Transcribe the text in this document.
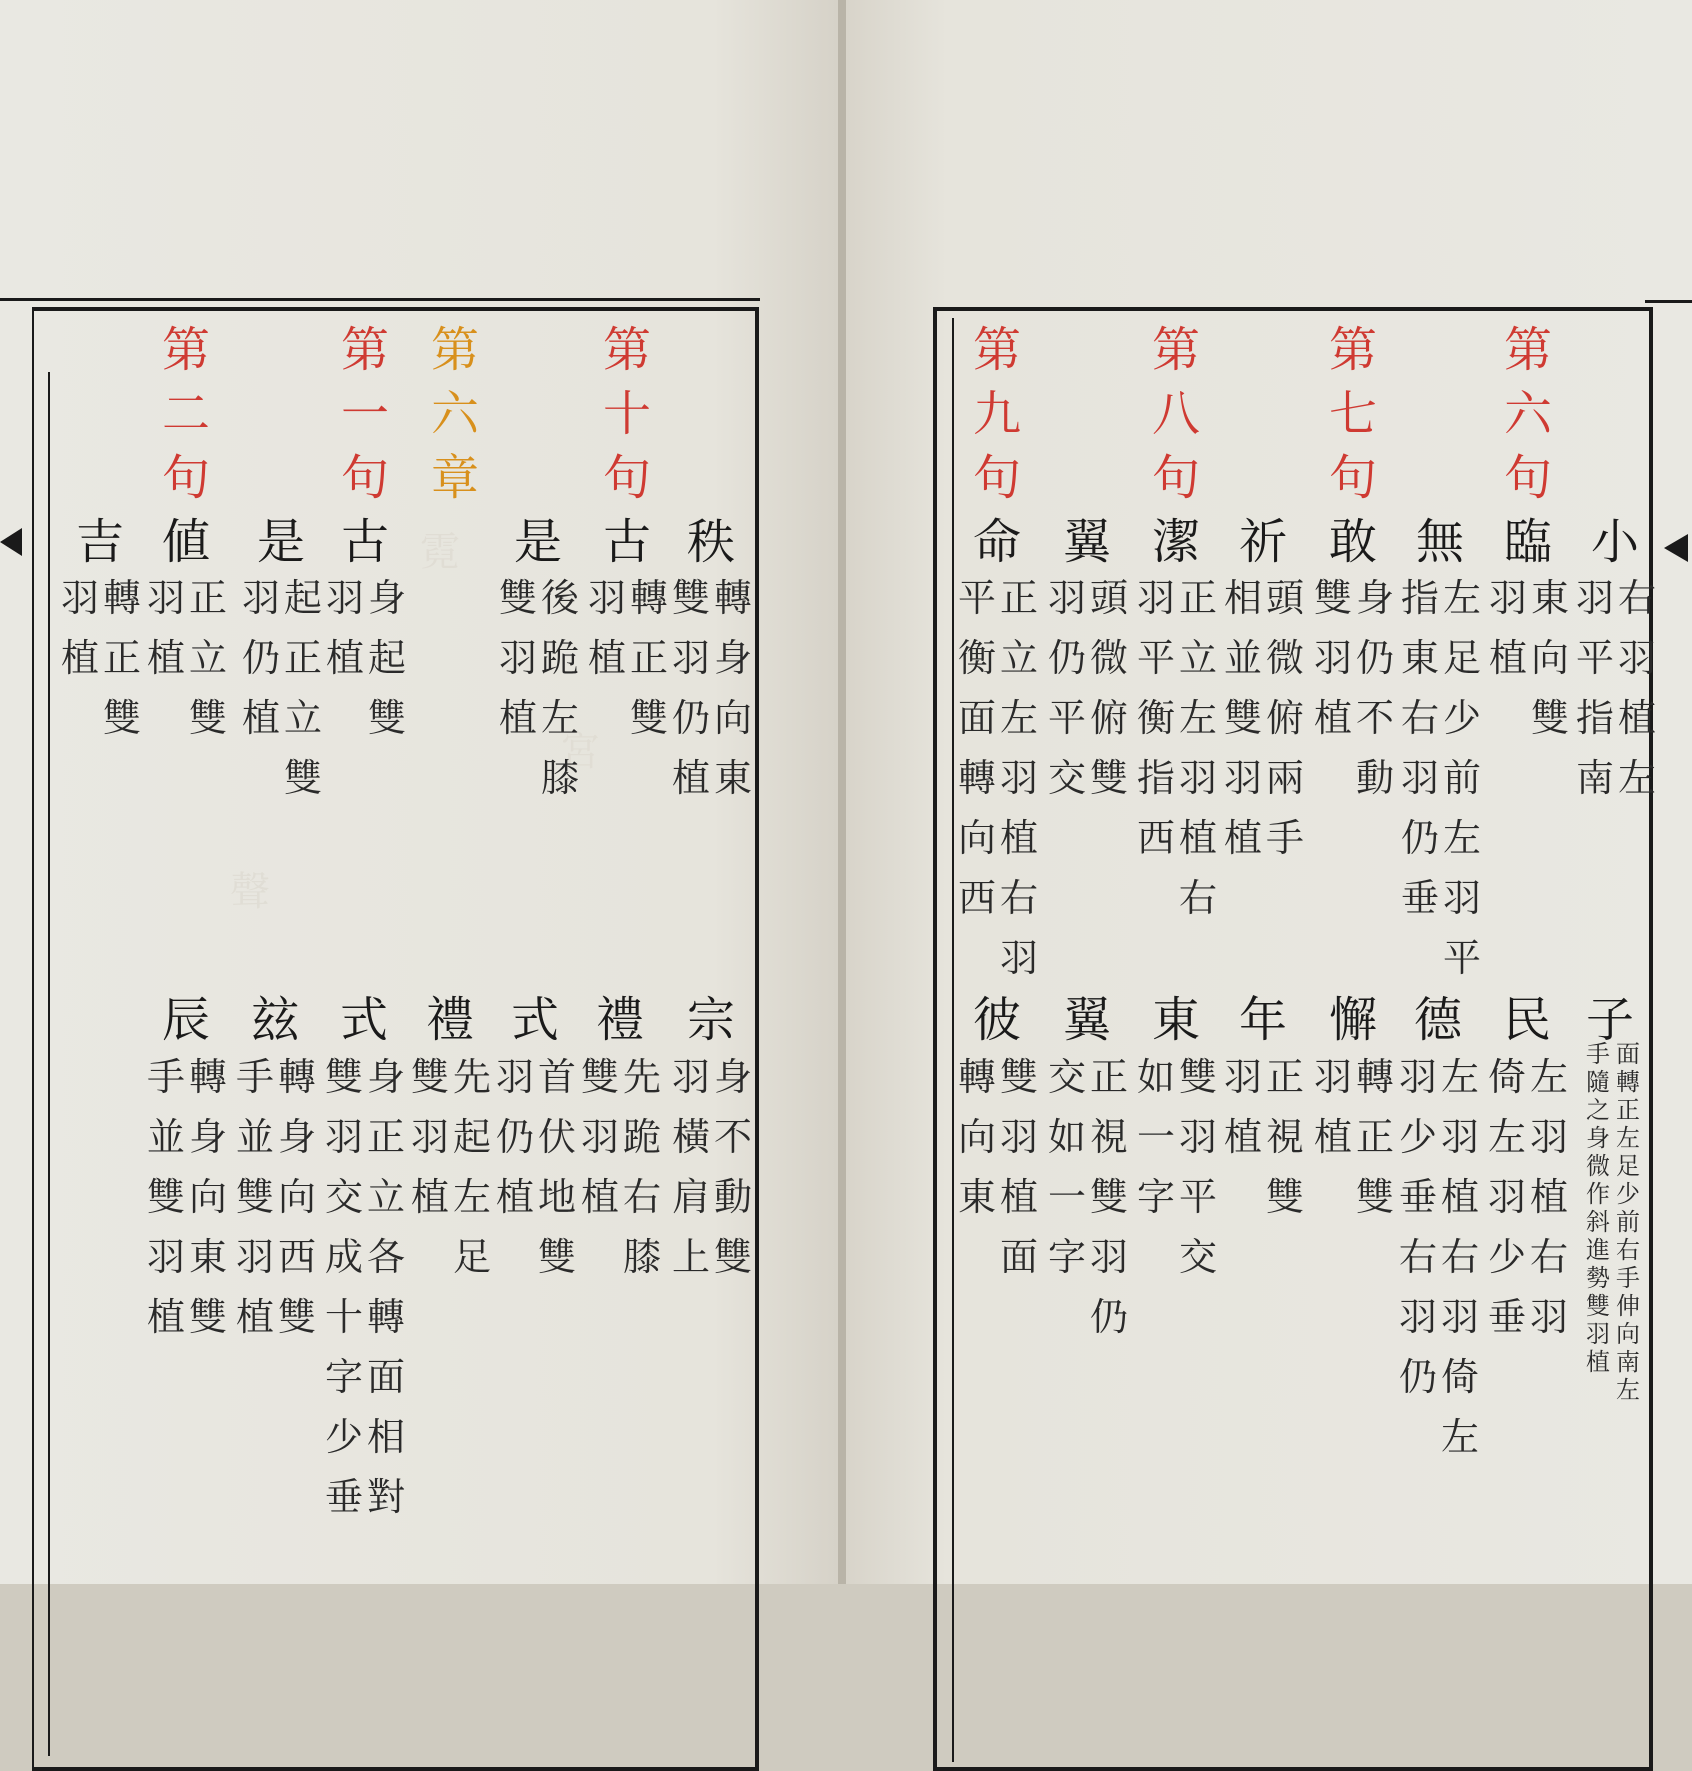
霓
宮
聲
第
六
章
第
十
句
第
一
句
第
二
句
秩
轉
身
向
東
雙
羽
仍
植
古
轉
正
雙
羽
植
是
後
跪
左
膝
雙
羽
植
古
身
起
雙
羽
植
是
起
正
立
雙
羽
仍
植
値
正
立
雙
羽
植
吉
轉
正
雙
羽
植
宗
身
不
動
雙
羽
橫
肩
上
禮
先
跪
右
膝
雙
羽
植
式
首
伏
地
雙
羽
仍
植
禮
先
起
左
足
雙
羽
植
式
身
正
立
各
轉
面
相
對
雙
羽
交
成
十
字
少
垂
玆
轉
身
向
西
雙
手
並
雙
羽
植
辰
轉
身
向
東
雙
手
並
雙
羽
植
小
右
羽
植
左
羽
平
指
南
第
六
句
臨
東
向
雙
羽
植
無
左
足
少
前
左
羽
平
指
東
右
羽
仍
垂
第
七
句
敢
身
仍
不
動
雙
羽
植
祈
頭
微
俯
兩
手
相
並
雙
羽
植
第
八
句
潔
正
立
左
羽
植
右
羽
平
衡
指
西
翼
頭
微
俯
雙
羽
仍
平
交
第
九
句
命
正
立
左
羽
植
右
羽
平
衡
面
轉
向
西
子
面
轉
正
左
足
少
前
右
手
伸
向
南
左
手
隨
之
身
微
作
斜
進
勢
雙
羽
植
民
左
羽
植
右
羽
倚
左
羽
少
垂
德
左
羽
植
右
羽
倚
左
羽
少
垂
右
羽
仍
懈
轉
正
雙
羽
植
年
正
視
雙
羽
植
東
雙
羽
平
交
如
一
字
翼
正
視
雙
羽
仍
交
如
一
字
彼
雙
羽
植
面
轉
向
東
